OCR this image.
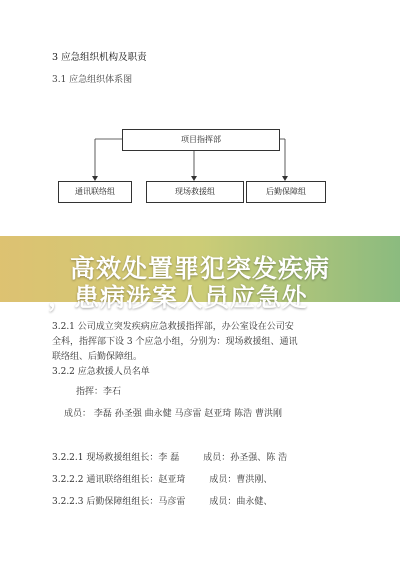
3 应急组织机构及职责
3.1 应急组织体系图
项目指挥部
通讯联络组	现场救援组	后勤保障组
高效处置罪犯突发疾病
，患病涉案人员应急处
3.2.1 公司成立突发疾病应急救援指挥部，办公室设在公司安
全科，指挥部下设 3 个应急小组，分别为：现场救援组、通讯
联络组、后勤保障组。
3.2.2 应急救援人员名单
指挥：李石
成员： 李磊 孙圣强 曲永健 马彦雷 赵亚琦 陈浩 曹洪刚
3.2.2.1 现场救援组组长：李 磊	成员：孙圣强、陈 浩
3.2.2.2 通讯联络组组长：赵亚琦	成员：曹洪刚、
3.2.2.3 后勤保障组组长：马彦雷	成员：曲永健、
